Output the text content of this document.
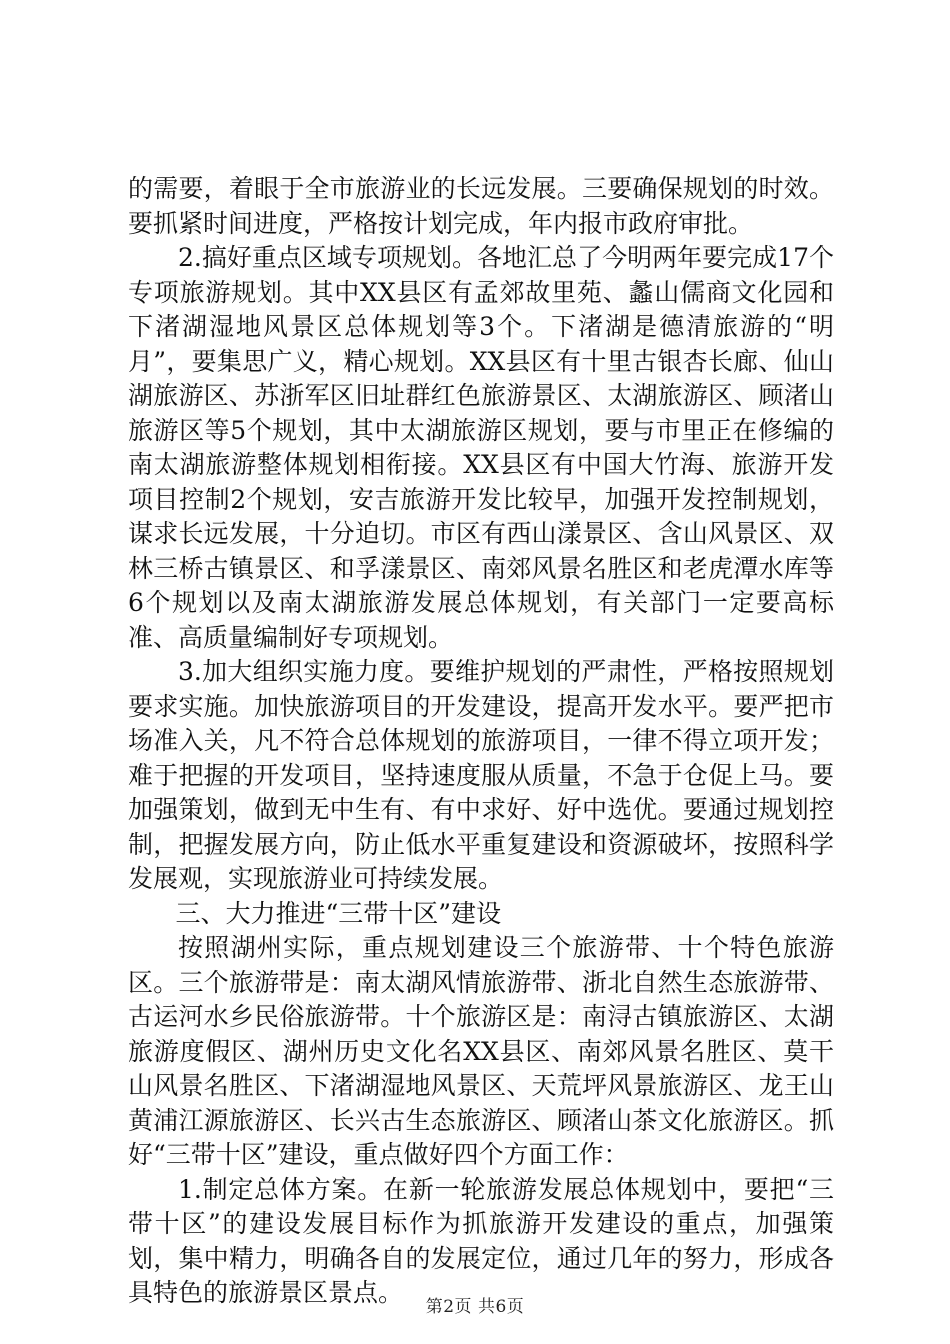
的需要，着眼于全市旅游业的长远发展。三要确保规划的时效。要抓紧时间进度，严格按计划完成，年内报市政府审批。

2.搞好重点区域专项规划。各地汇总了今明两年要完成17个专项旅游规划。其中XX县区有孟郊故里苑、蠡山儒商文化园和下渚湖湿地风景区总体规划等3个。下渚湖是德清旅游的“明月”，要集思广义，精心规划。XX县区有十里古银杏长廊、仙山湖旅游区、苏浙军区旧址群红色旅游景区、太湖旅游区、顾渚山旅游区等5个规划，其中太湖旅游区规划，要与市里正在修编的南太湖旅游整体规划相衔接。XX县区有中国大竹海、旅游开发项目控制2个规划，安吉旅游开发比较早，加强开发控制规划，谋求长远发展，十分迫切。市区有西山漾景区、含山风景区、双林三桥古镇景区、和孚漾景区、南郊风景名胜区和老虎潭水库等6个规划以及南太湖旅游发展总体规划，有关部门一定要高标准、高质量编制好专项规划。

3.加大组织实施力度。要维护规划的严肃性，严格按照规划要求实施。加快旅游项目的开发建设，提高开发水平。要严把市场准入关，凡不符合总体规划的旅游项目，一律不得立项开发；难于把握的开发项目，坚持速度服从质量，不急于仓促上马。要加强策划，做到无中生有、有中求好、好中选优。要通过规划控制，把握发展方向，防止低水平重复建设和资源破坏，按照科学发展观，实现旅游业可持续发展。

三、大力推进“三带十区”建设

按照湖州实际，重点规划建设三个旅游带、十个特色旅游区。三个旅游带是：南太湖风情旅游带、浙北自然生态旅游带、古运河水乡民俗旅游带。十个旅游区是：南浔古镇旅游区、太湖旅游度假区、湖州历史文化名XX县区、南郊风景名胜区、莫干山风景名胜区、下渚湖湿地风景区、天荒坪风景旅游区、龙王山黄浦江源旅游区、长兴古生态旅游区、顾渚山茶文化旅游区。抓好“三带十区”建设，重点做好四个方面工作：

1.制定总体方案。在新一轮旅游发展总体规划中，要把“三带十区”的建设发展目标作为抓旅游开发建设的重点，加强策划，集中精力，明确各自的发展定位，通过几年的努力，形成各具特色的旅游景区景点。	第2页 共6页
